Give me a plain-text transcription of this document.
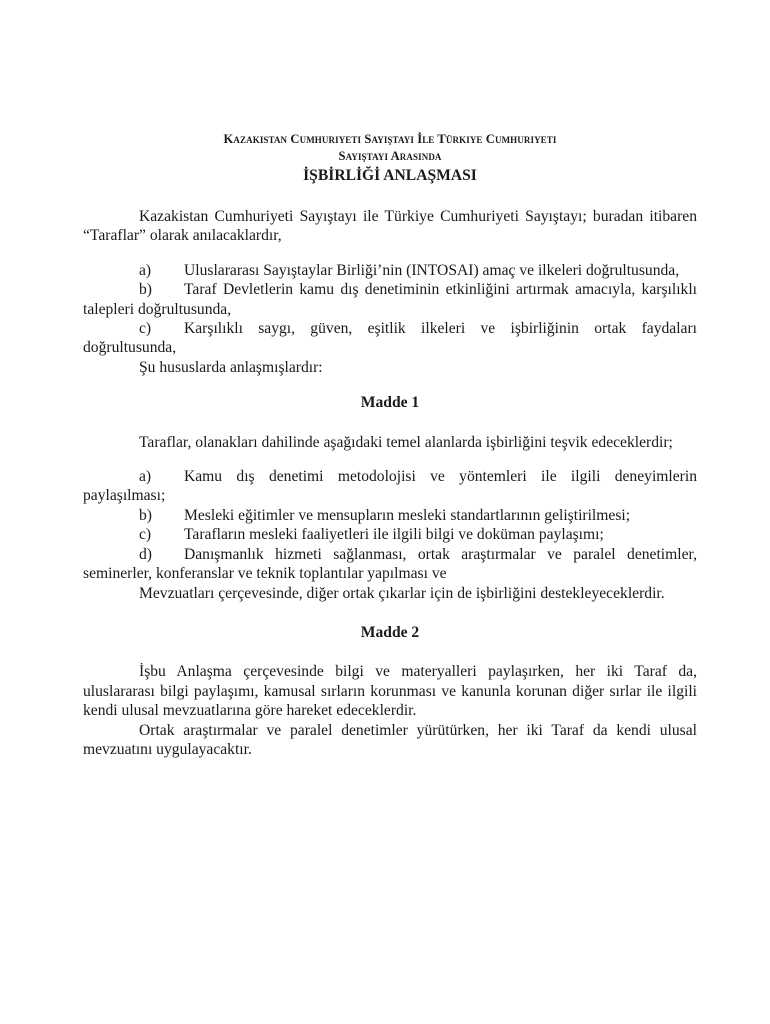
Kazakistan Cumhuriyeti Sayıştayı İle Türkiye Cumhuriyeti
Sayıştayı Arasında
İŞBİRLİĞİ ANLAŞMASI

Kazakistan Cumhuriyeti Sayıştayı ile Türkiye Cumhuriyeti Sayıştayı; buradan itibaren “Taraflar” olarak anılacaklardır,

a) Uluslararası Sayıştaylar Birliği’nin (INTOSAI) amaç ve ilkeleri doğrultusunda,

b) Taraf Devletlerin kamu dış denetiminin etkinliğini artırmak amacıyla, karşılıklı talepleri doğrultusunda,

c) Karşılıklı saygı, güven, eşitlik ilkeleri ve işbirliğinin ortak faydaları doğrultusunda,

Şu hususlarda anlaşmışlardır:

Madde 1

Taraflar, olanakları dahilinde aşağıdaki temel alanlarda işbirliğini teşvik edeceklerdir;

a) Kamu dış denetimi metodolojisi ve yöntemleri ile ilgili deneyimlerin paylaşılması;

b) Mesleki eğitimler ve mensupların mesleki standartlarının geliştirilmesi;

c) Tarafların mesleki faaliyetleri ile ilgili bilgi ve doküman paylaşımı;

d) Danışmanlık hizmeti sağlanması, ortak araştırmalar ve paralel denetimler, seminerler, konferanslar ve teknik toplantılar yapılması ve

Mevzuatları çerçevesinde, diğer ortak çıkarlar için de işbirliğini destekleyeceklerdir.

Madde 2

İşbu Anlaşma çerçevesinde bilgi ve materyalleri paylaşırken, her iki Taraf da, uluslararası bilgi paylaşımı, kamusal sırların korunması ve kanunla korunan diğer sırlar ile ilgili kendi ulusal mevzuatlarına göre hareket edeceklerdir.

Ortak araştırmalar ve paralel denetimler yürütürken, her iki Taraf da kendi ulusal mevzuatını uygulayacaktır.
